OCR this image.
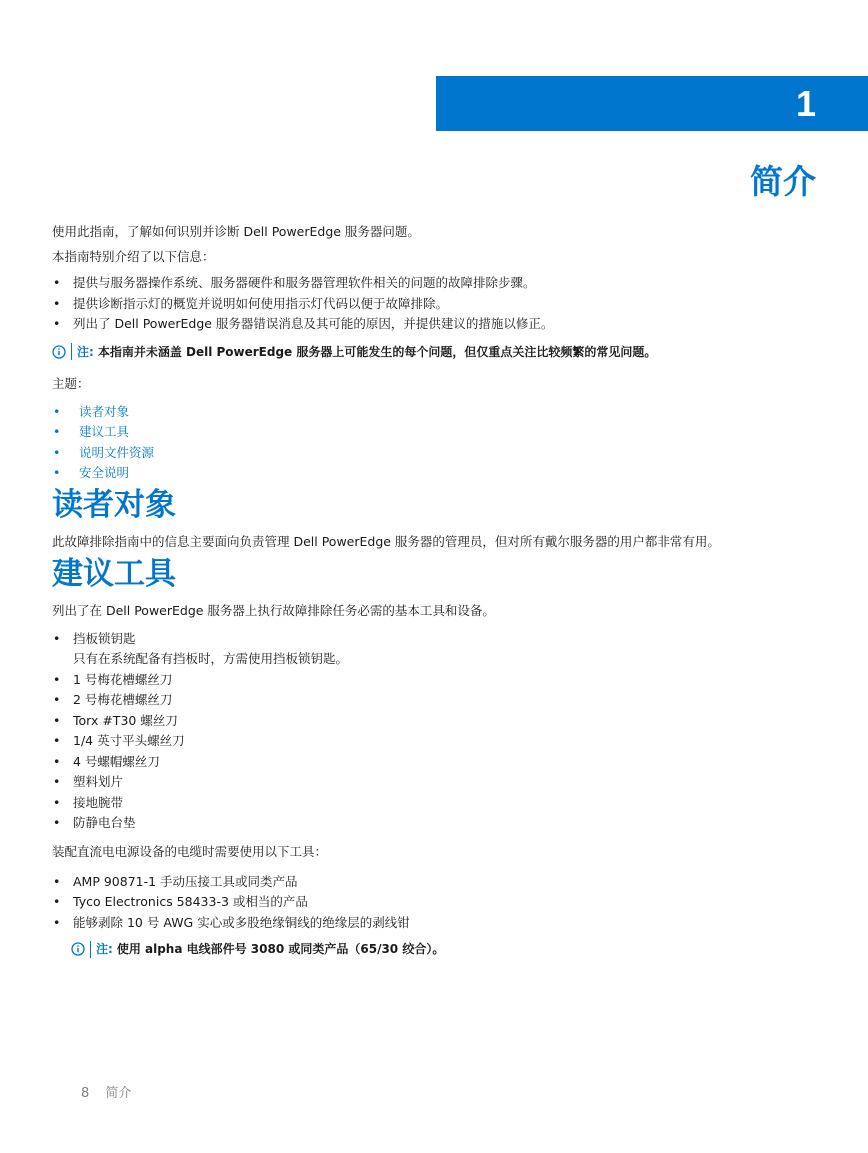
1
简介

使用此指南，了解如何识别并诊断 Dell PowerEdge 服务器问题。

本指南特别介绍了以下信息：

• 提供与服务器操作系统、服务器硬件和服务器管理软件相关的问题的故障排除步骤。
• 提供诊断指示灯的概览并说明如何使用指示灯代码以便于故障排除。
• 列出了 Dell PowerEdge 服务器错误消息及其可能的原因，并提供建议的措施以修正。
注: 本指南并未涵盖 Dell PowerEdge 服务器上可能发生的每个问题，但仅重点关注比较频繁的常见问题。

主题：

• 读者对象
• 建议工具
• 说明文件资源
• 安全说明
读者对象

此故障排除指南中的信息主要面向负责管理 Dell PowerEdge 服务器的管理员，但对所有戴尔服务器的用户都非常有用。

建议工具

列出了在 Dell PowerEdge 服务器上执行故障排除任务必需的基本工具和设备。

• 挡板锁钥匙
只有在系统配备有挡板时，方需使用挡板锁钥匙。
• 1 号梅花槽螺丝刀
• 2 号梅花槽螺丝刀
• Torx #T30 螺丝刀
• 1/4 英寸平头螺丝刀
• 4 号螺帽螺丝刀
• 塑料划片
• 接地腕带
• 防静电台垫

装配直流电电源设备的电缆时需要使用以下工具：

• AMP 90871-1 手动压接工具或同类产品
• Tyco Electronics 58433-3 或相当的产品
• 能够剥除 10 号 AWG 实心或多股绝缘铜线的绝缘层的剥线钳
注: 使用 alpha 电线部件号 3080 或同类产品（65/30 绞合）。
8 简介
